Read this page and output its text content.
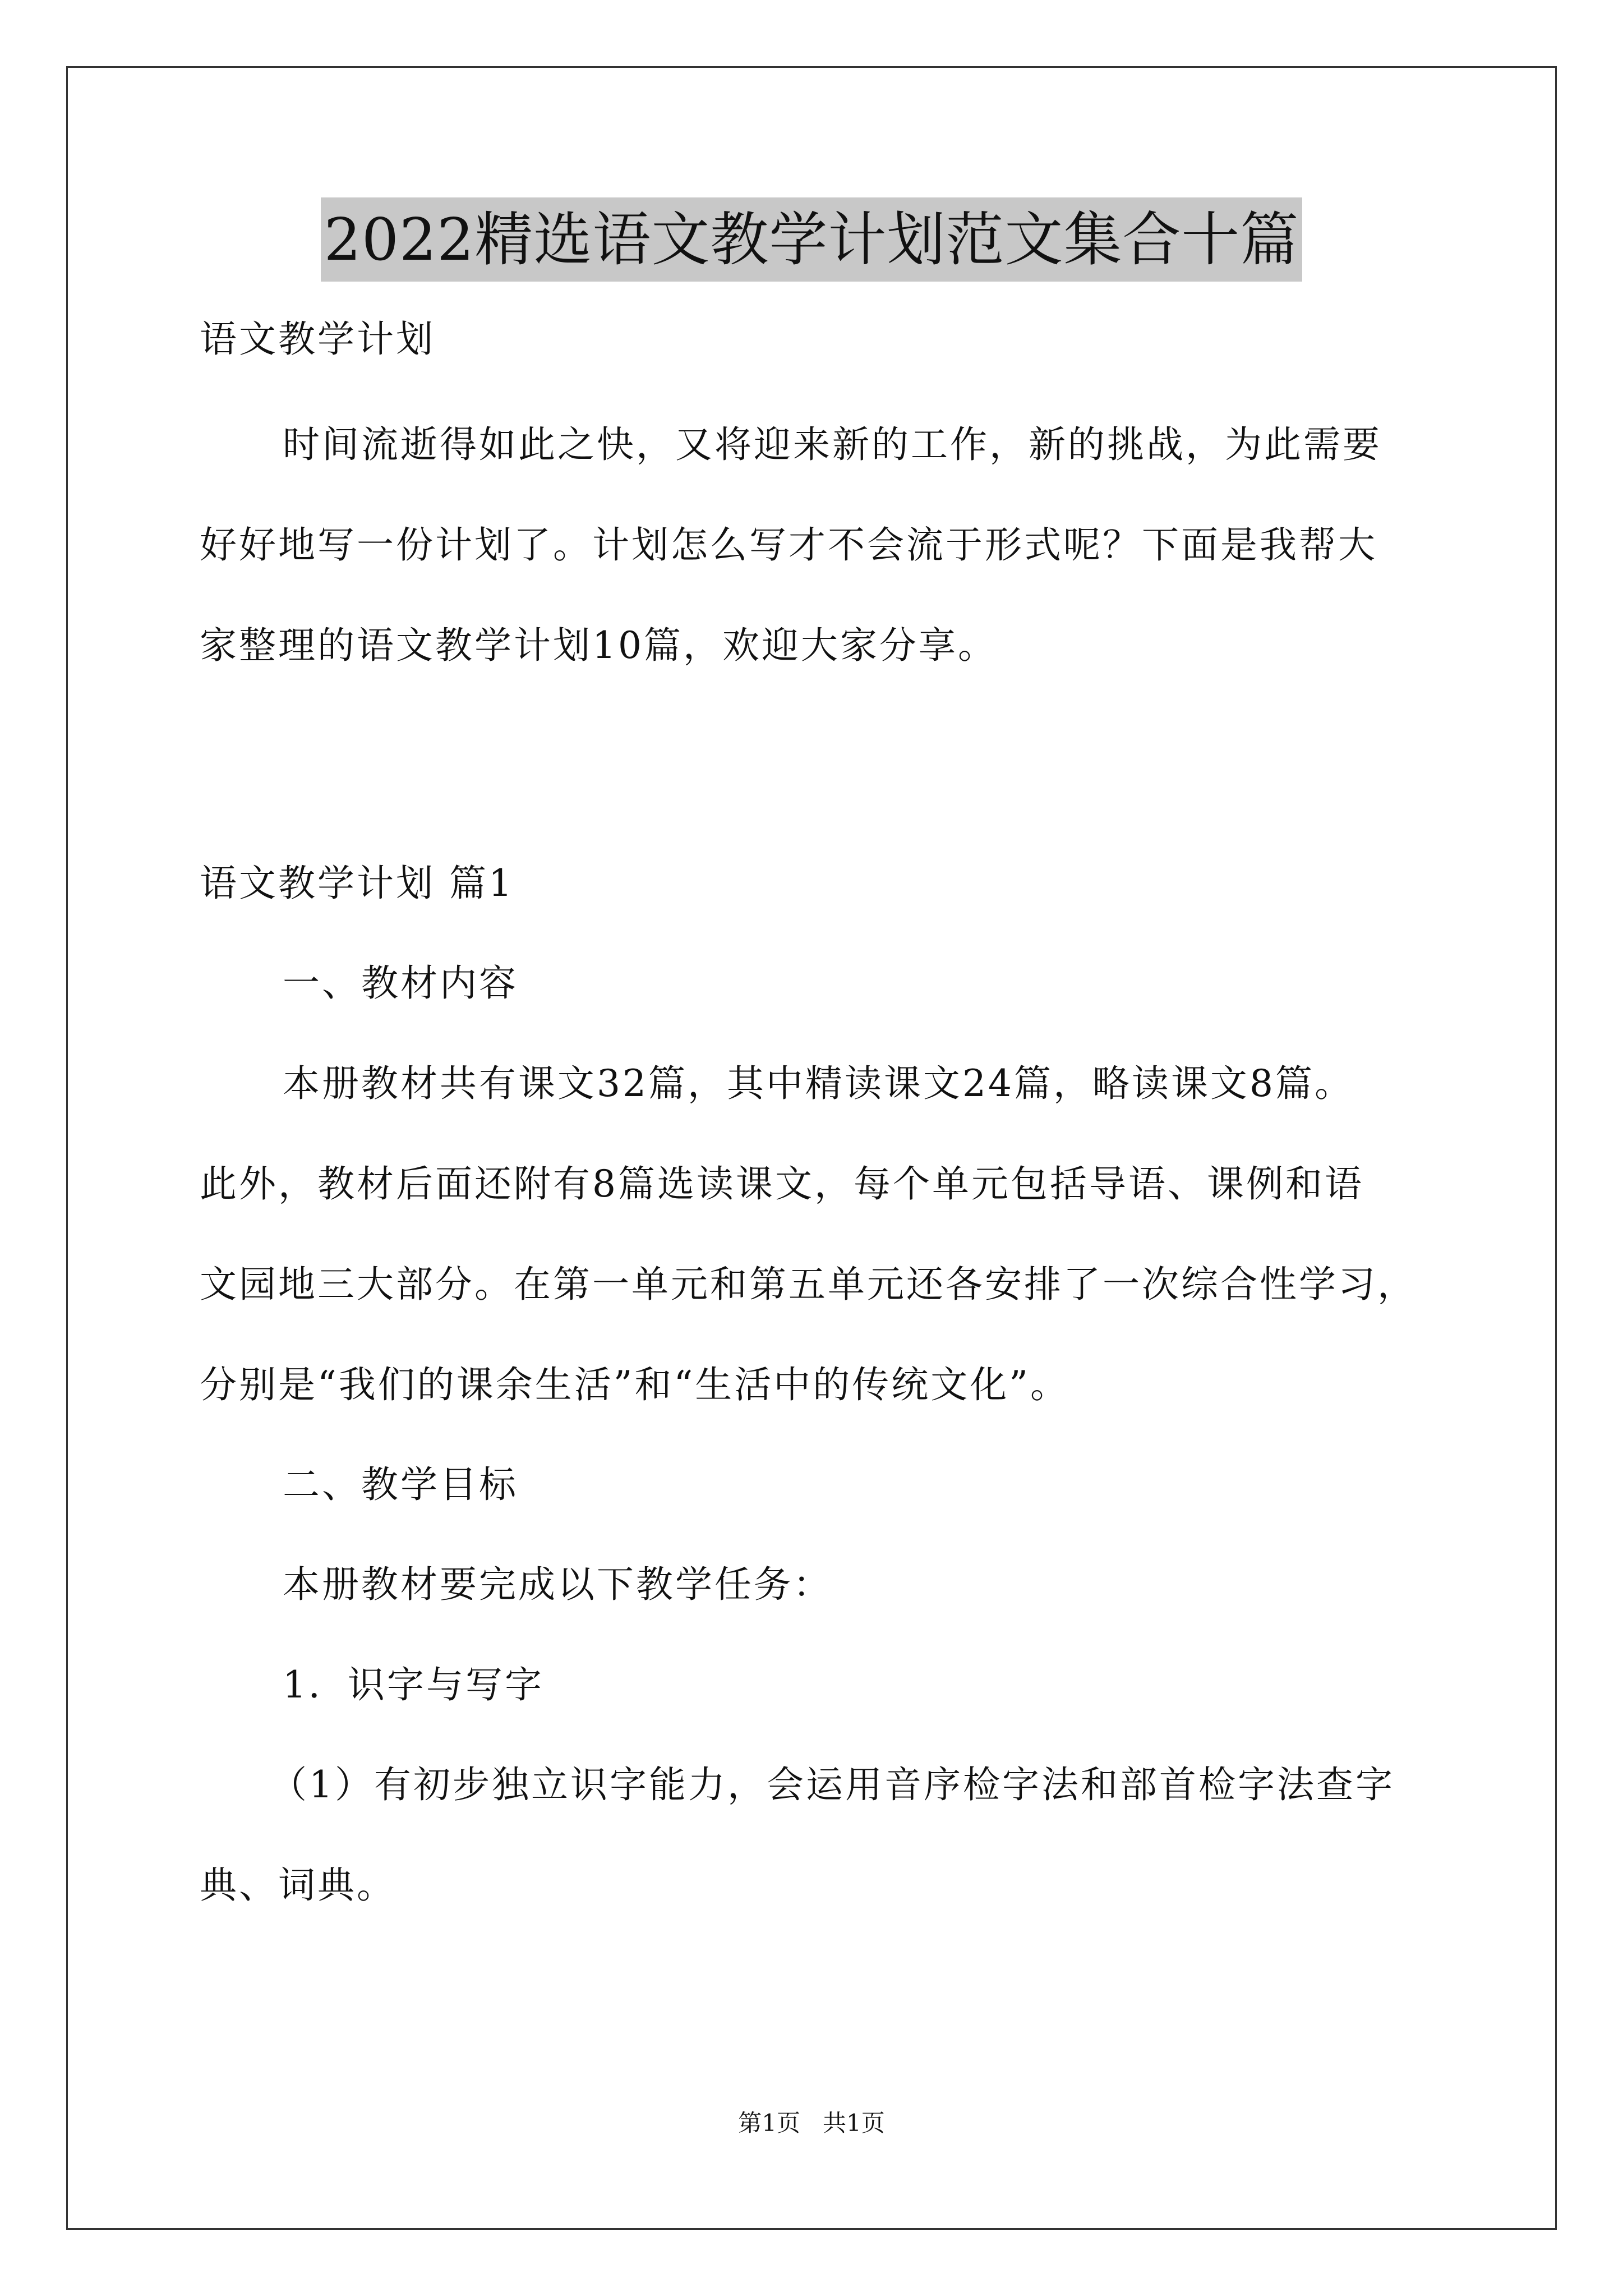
2022精选语文教学计划范文集合十篇

语文教学计划

时间流逝得如此之快，又将迎来新的工作，新的挑战，为此需要

好好地写一份计划了。计划怎么写才不会流于形式呢？下面是我帮大

家整理的语文教学计划10篇，欢迎大家分享。

语文教学计划 篇1

一、教材内容

本册教材共有课文32篇，其中精读课文24篇，略读课文8篇。

此外，教材后面还附有8篇选读课文，每个单元包括导语、课例和语

文园地三大部分。在第一单元和第五单元还各安排了一次综合性学习，

分别是“我们的课余生活”和“生活中的传统文化”。

二、教学目标

本册教材要完成以下教学任务：

1．识字与写字

（1）有初步独立识字能力，会运用音序检字法和部首检字法查字

典、词典。

第1页   共1页
